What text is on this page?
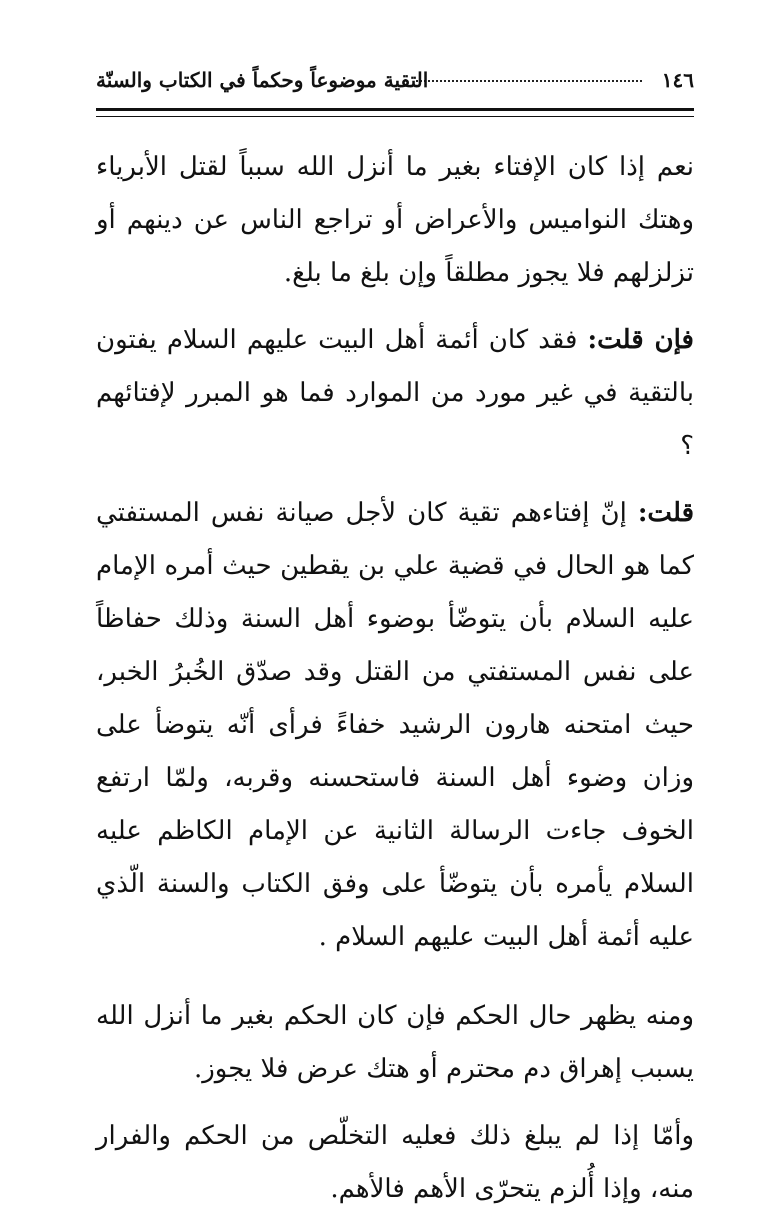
١٤٦
التقية موضوعاً وحكماً في الكتاب والسنّة

نعم إذا كان الإفتاء بغير ما أنزل الله سبباً لقتل الأبرياء وهتك النواميس والأعراض أو تراجع الناس عن دينهم أو تزلزلهم فلا يجوز مطلقاً وإن بلغ ما بلغ.

فإن قلت: فقد كان أئمة أهل البيت عليهم السلام يفتون بالتقية في غير مورد من الموارد فما هو المبرر لإفتائهم ؟

قلت: إنّ إفتاءهم تقية كان لأجل صيانة نفس المستفتي كما هو الحال في قضية علي بن يقطين حيث أمره الإمام عليه السلام بأن يتوضّأ بوضوء أهل السنة وذلك حفاظاً على نفس المستفتي من القتل وقد صدّق الخُبرُ الخبر، حيث امتحنه هارون الرشيد خفاءً فرأى أنّه يتوضأ على وزان وضوء أهل السنة فاستحسنه وقربه، ولمّا ارتفع الخوف جاءت الرسالة الثانية عن الإمام الكاظم عليه السلام يأمره بأن يتوضّأ على وفق الكتاب والسنة الّذي عليه أئمة أهل البيت عليهم السلام .

ومنه يظهر حال الحكم فإن كان الحكم بغير ما أنزل الله يسبب إهراق دم محترم أو هتك عرض فلا يجوز.

وأمّا إذا لم يبلغ ذلك فعليه التخلّص من الحكم والفرار منه، وإذا أُلزم يتحرّى الأهم فالأهم.
